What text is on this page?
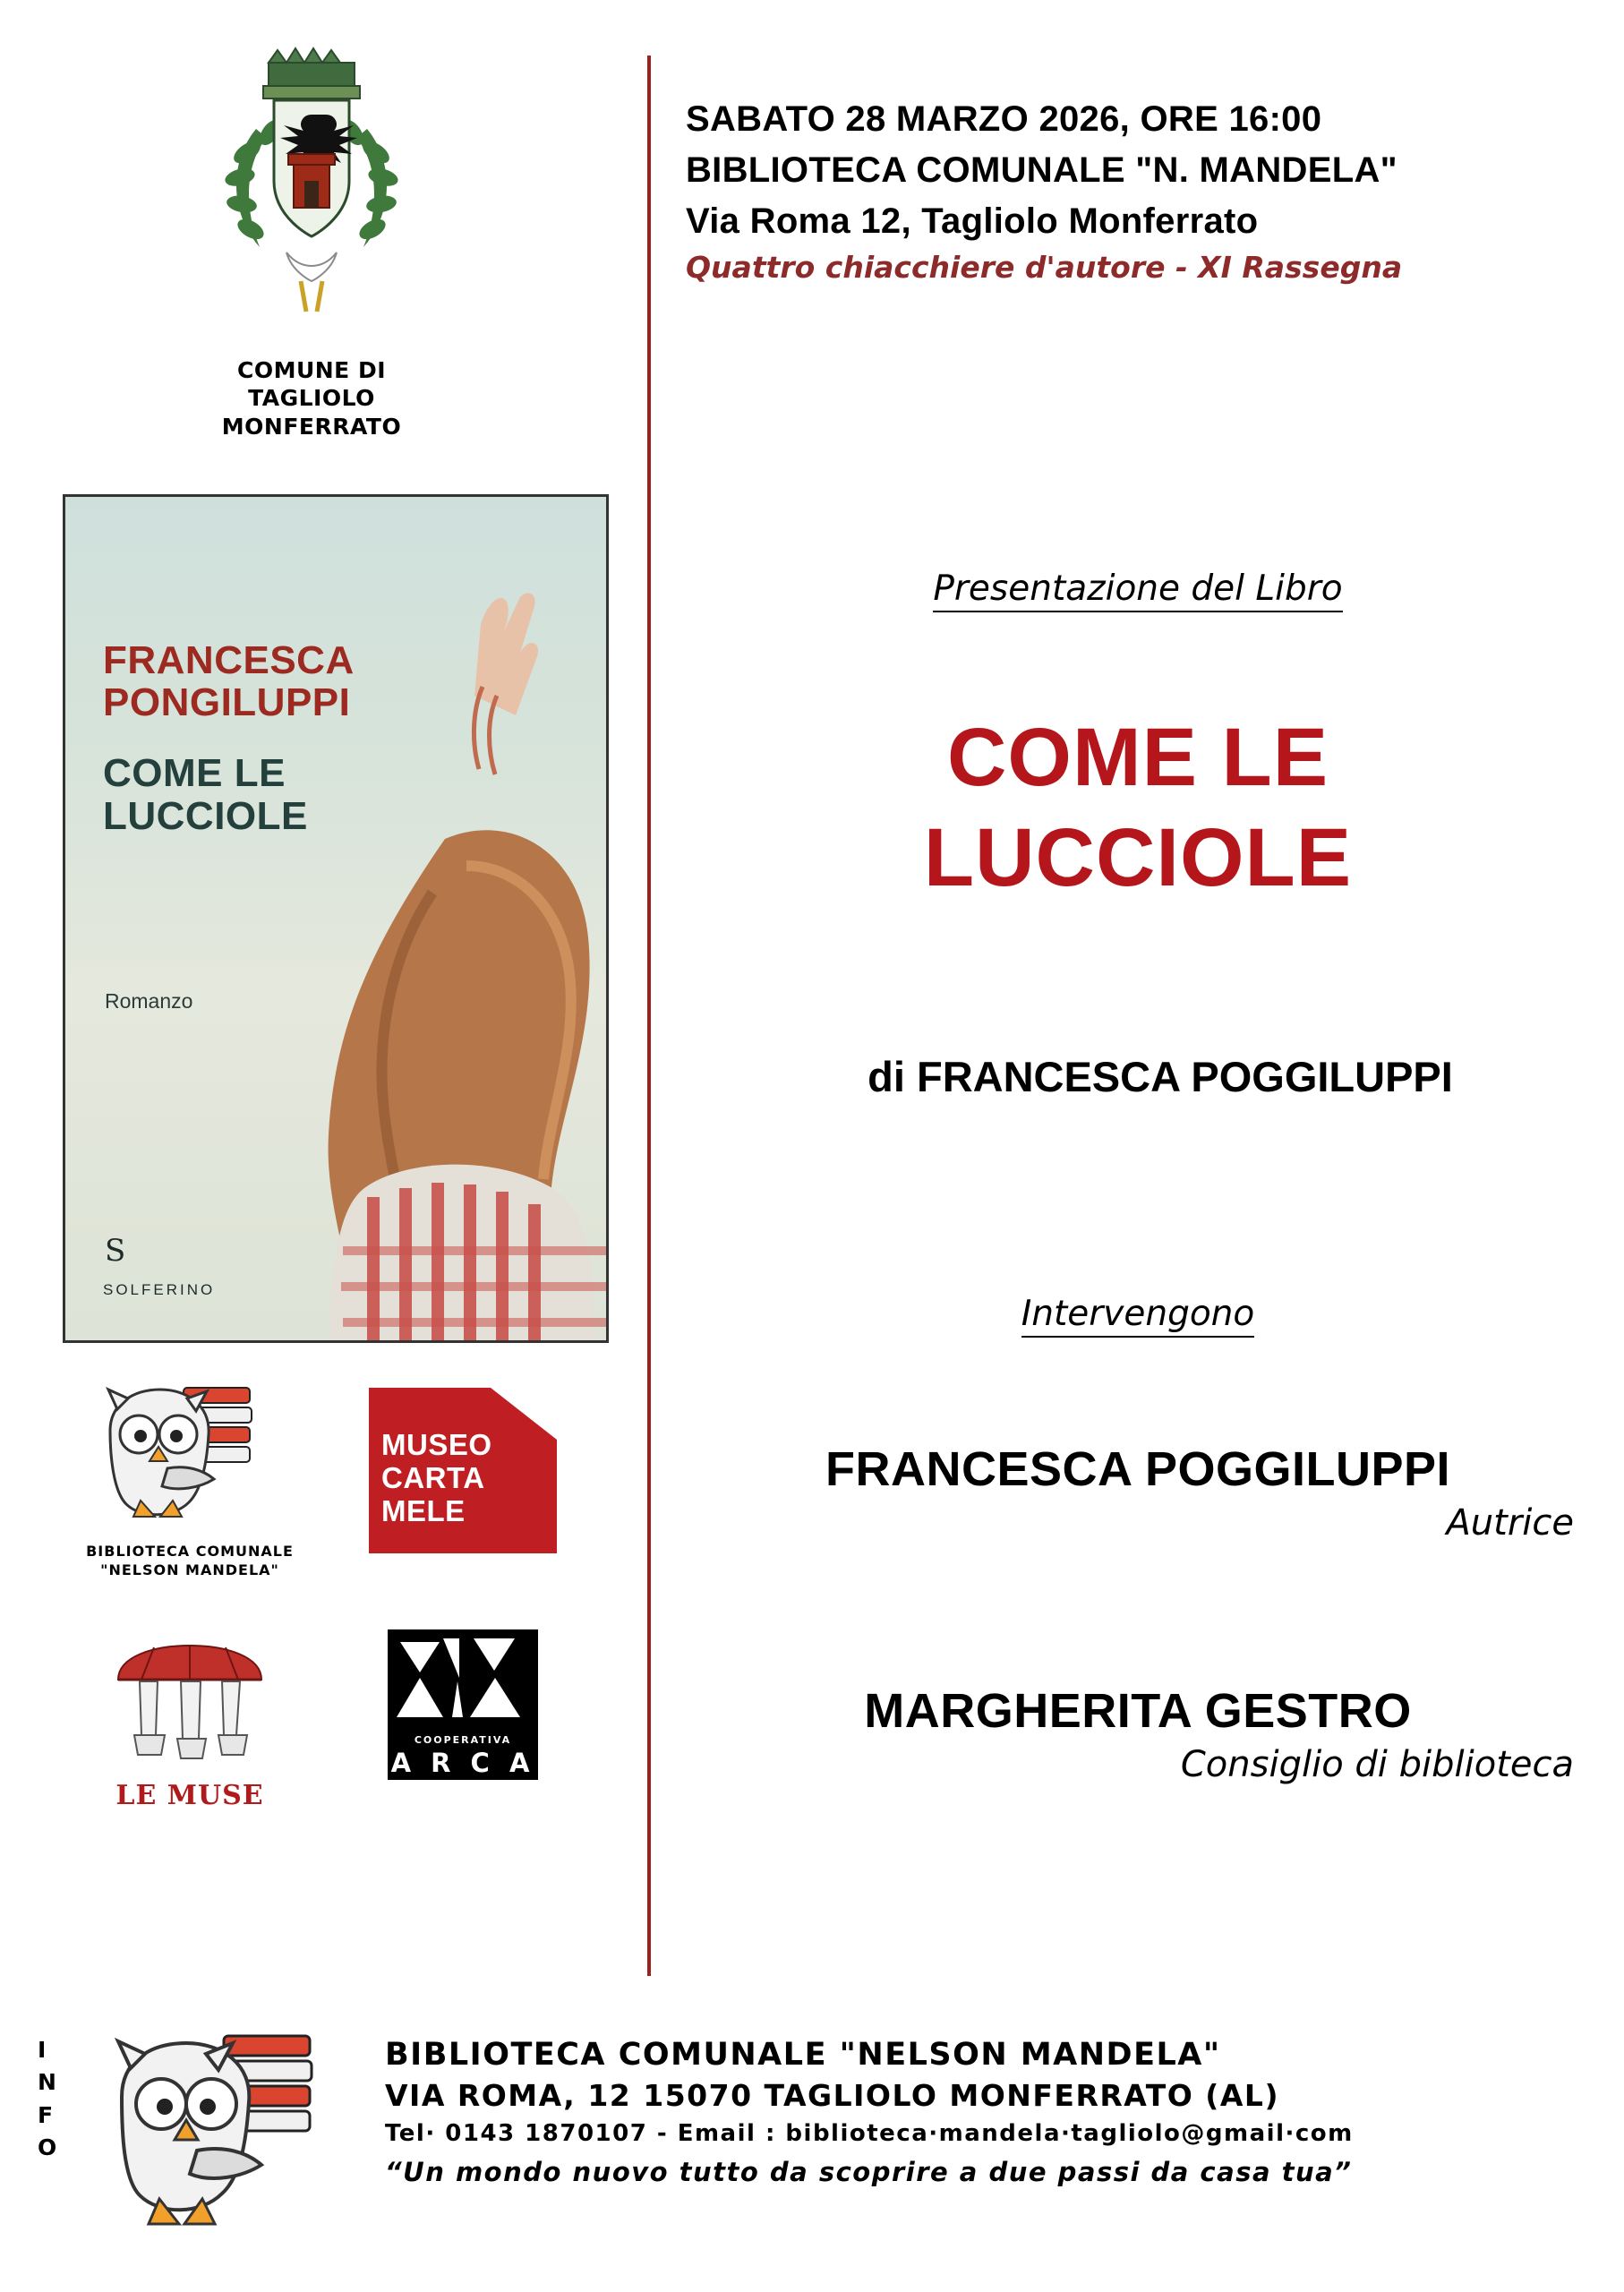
COMUNE DI
TAGLIOLO MONFERRATO
FRANCESCA
PONGILUPPI
COME LE
LUCCIOLE
Romanzo
S
SOLFERINO
BIBLIOTECA COMUNALE
"NELSON MANDELA"
MUSEO
CARTA
MELE
LE MUSE
COOPERATIVA
A R C A
SABATO 28 MARZO 2026, ORE 16:00
BIBLIOTECA COMUNALE "N. MANDELA"
Via Roma 12, Tagliolo Monferrato
Quattro chiacchiere d'autore - XI Rassegna
Presentazione del Libro
COME LE
LUCCIOLE
di FRANCESCA POGGILUPPI
Intervengono
FRANCESCA POGGILUPPI
Autrice
MARGHERITA GESTRO
Consiglio di biblioteca
I
N
F
O
BIBLIOTECA COMUNALE "NELSON MANDELA"
VIA ROMA, 12 15070 TAGLIOLO MONFERRATO (AL)
Tel· 0143 1870107 - Email : biblioteca·mandela·tagliolo@gmail·com
“Un mondo nuovo tutto da scoprire a due passi da casa tua”
